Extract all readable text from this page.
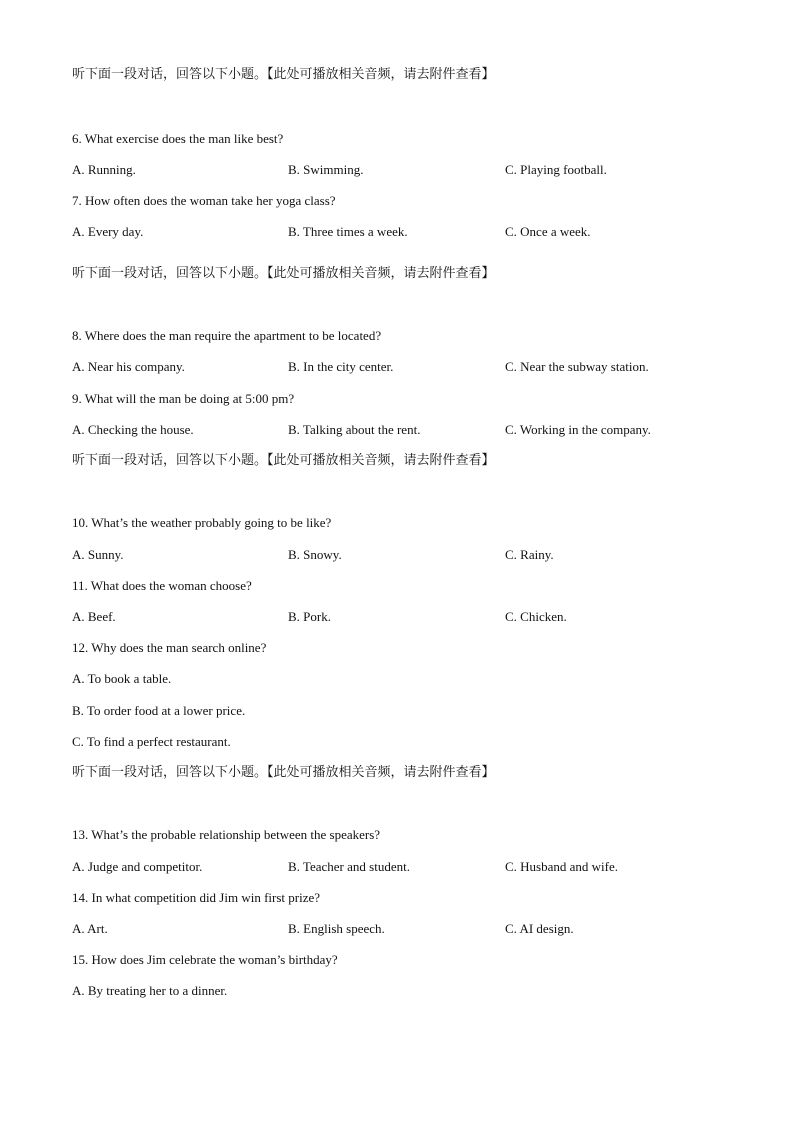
听下面一段对话，回答以下小题。【此处可播放相关音频，请去附件查看】
6. What exercise does the man like best?
A. Running.	B. Swimming.	C. Playing football.
7. How often does the woman take her yoga class?
A. Every day.	B. Three times a week.	C. Once a week.
听下面一段对话，回答以下小题。【此处可播放相关音频，请去附件查看】
8. Where does the man require the apartment to be located?
A. Near his company.	B. In the city center.	C. Near the subway station.
9. What will the man be doing at 5:00 pm?
A. Checking the house.	B. Talking about the rent.	C. Working in the company.
听下面一段对话，回答以下小题。【此处可播放相关音频，请去附件查看】
10. What’s the weather probably going to be like?
A. Sunny.	B. Snowy.	C. Rainy.
11. What does the woman choose?
A. Beef.	B. Pork.	C. Chicken.
12. Why does the man search online?
A. To book a table.
B. To order food at a lower price.
C. To find a perfect restaurant.
听下面一段对话，回答以下小题。【此处可播放相关音频，请去附件查看】
13. What’s the probable relationship between the speakers?
A. Judge and competitor.	B. Teacher and student.	C. Husband and wife.
14. In what competition did Jim win first prize?
A. Art.	B. English speech.	C. AI design.
15. How does Jim celebrate the woman’s birthday?
A. By treating her to a dinner.
